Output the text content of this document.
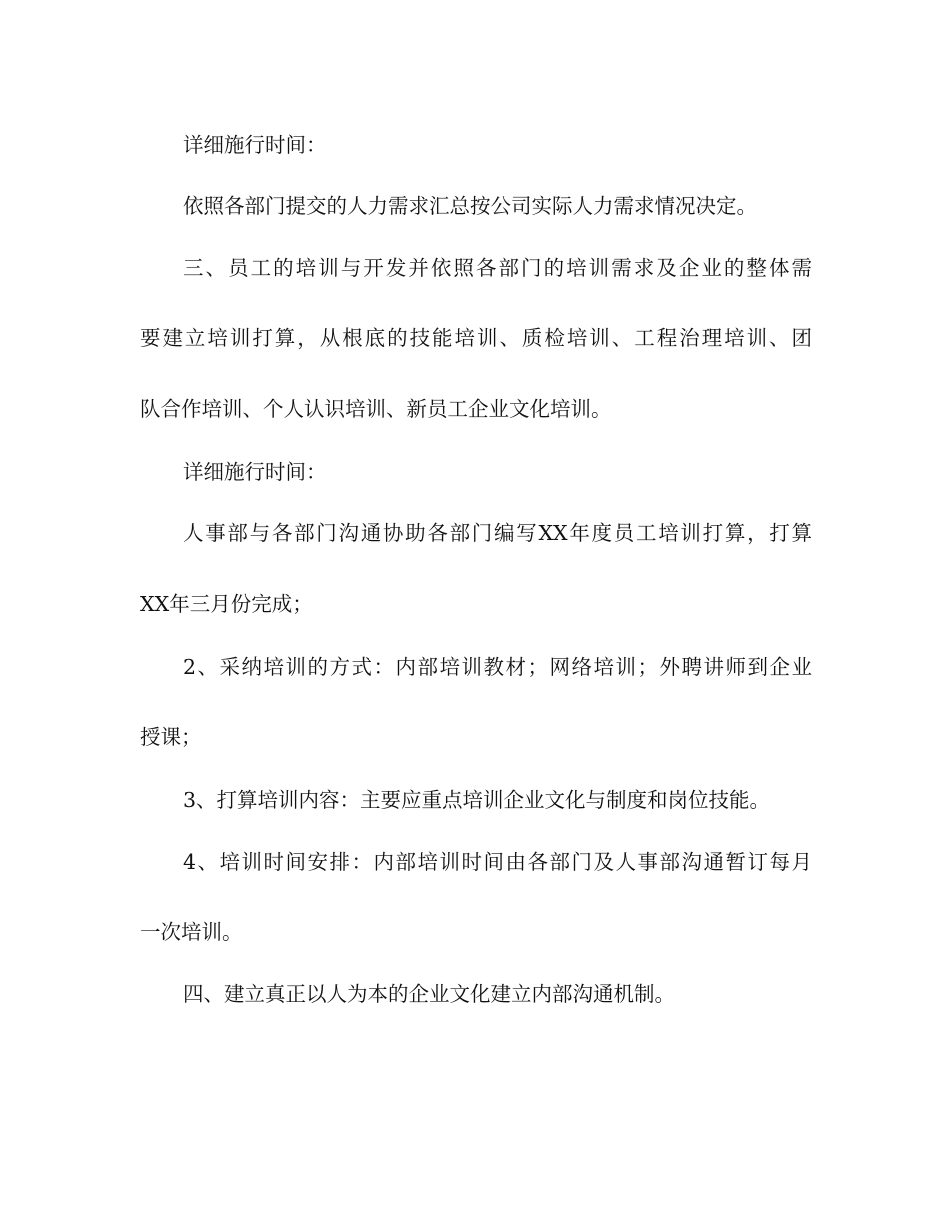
详细施行时间：
依照各部门提交的人力需求汇总按公司实际人力需求情况决定。
三、员工的培训与开发并依照各部门的培训需求及企业的整体需
要建立培训打算，从根底的技能培训、质检培训、工程治理培训、团
队合作培训、个人认识培训、新员工企业文化培训。
详细施行时间：
人事部与各部门沟通协助各部门编写XX年度员工培训打算，打算
XX年三月份完成；
2、采纳培训的方式：内部培训教材；网络培训；外聘讲师到企业
授课；
3、打算培训内容：主要应重点培训企业文化与制度和岗位技能。
4、培训时间安排：内部培训时间由各部门及人事部沟通暂订每月
一次培训。
四、建立真正以人为本的企业文化建立内部沟通机制。
